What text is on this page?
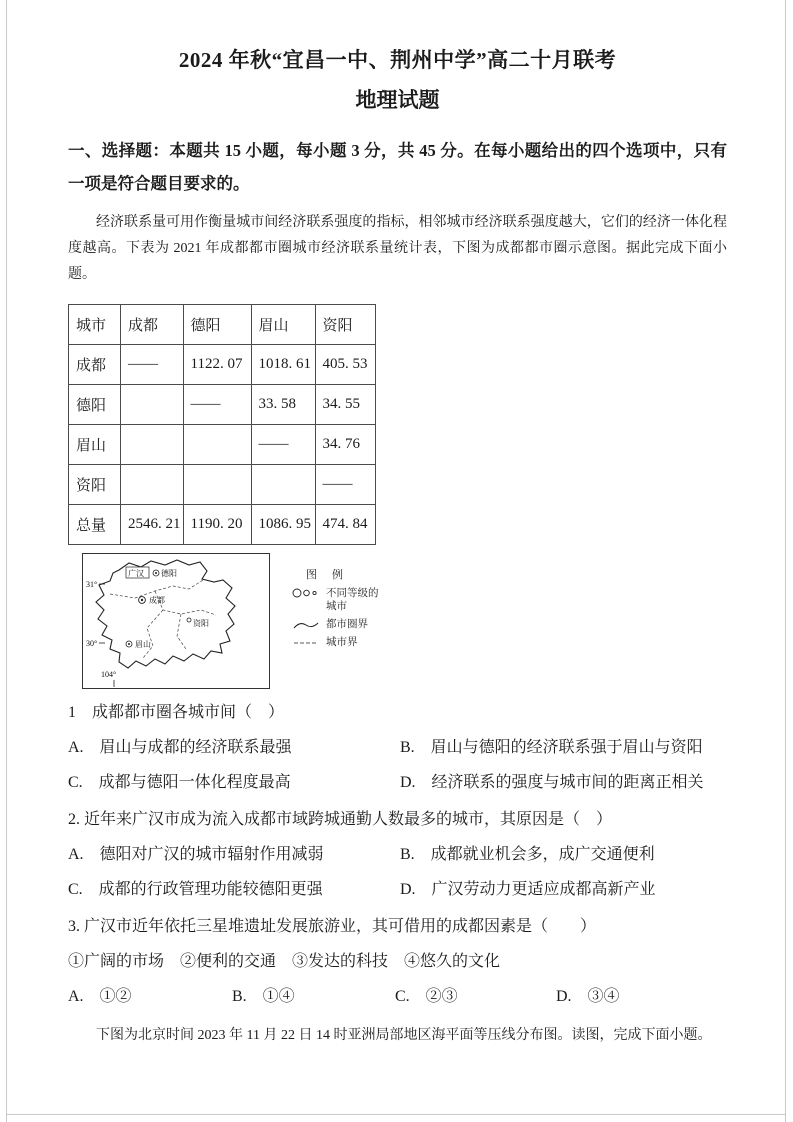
2024 年秋“宜昌一中、荆州中学”高二十月联考
地理试题

一、选择题：本题共 15 小题，每小题 3 分，共 45 分。在每小题给出的四个选项中，只有一项是符合题目要求的。

经济联系量可用作衡量城市间经济联系强度的指标，相邻城市经济联系强度越大，它们的经济一体化程度越高。下表为 2021 年成都都市圈城市经济联系量统计表，下图为成都都市圈示意图。据此完成下面小题。

城市	成都	德阳	眉山	资阳
成都	——	1122. 07	1018. 61	405. 53
德阳		——	33. 58	34. 55
眉山			——	34. 76
资阳				——
总量	2546. 21	1190. 20	1086. 95	474. 84
31°
30°
104°
广汉 德阳
成都
资阳
眉山
图　例
不同等级的城市
都市圈界
城市界

1　成都都市圈各城市间（　）

A.　眉山与成都的经济联系最强	B.　眉山与德阳的经济联系强于眉山与资阳
C.　成都与德阳一体化程度最高	D.　经济联系的强度与城市间的距离正相关

2. 近年来广汉市成为流入成都市域跨城通勤人数最多的城市，其原因是（　）

A.　德阳对广汉的城市辐射作用减弱	B.　成都就业机会多，成广交通便利
C.　成都的行政管理功能较德阳更强	D.　广汉劳动力更适应成都高新产业

3. 广汉市近年依托三星堆遗址发展旅游业，其可借用的成都因素是（　　）

①广阔的市场　②便利的交通　③发达的科技　④悠久的文化

A.　①②	B.　①④	C.　②③	D.　③④

下图为北京时间 2023 年 11 月 22 日 14 时亚洲局部地区海平面等压线分布图。读图，完成下面小题。
